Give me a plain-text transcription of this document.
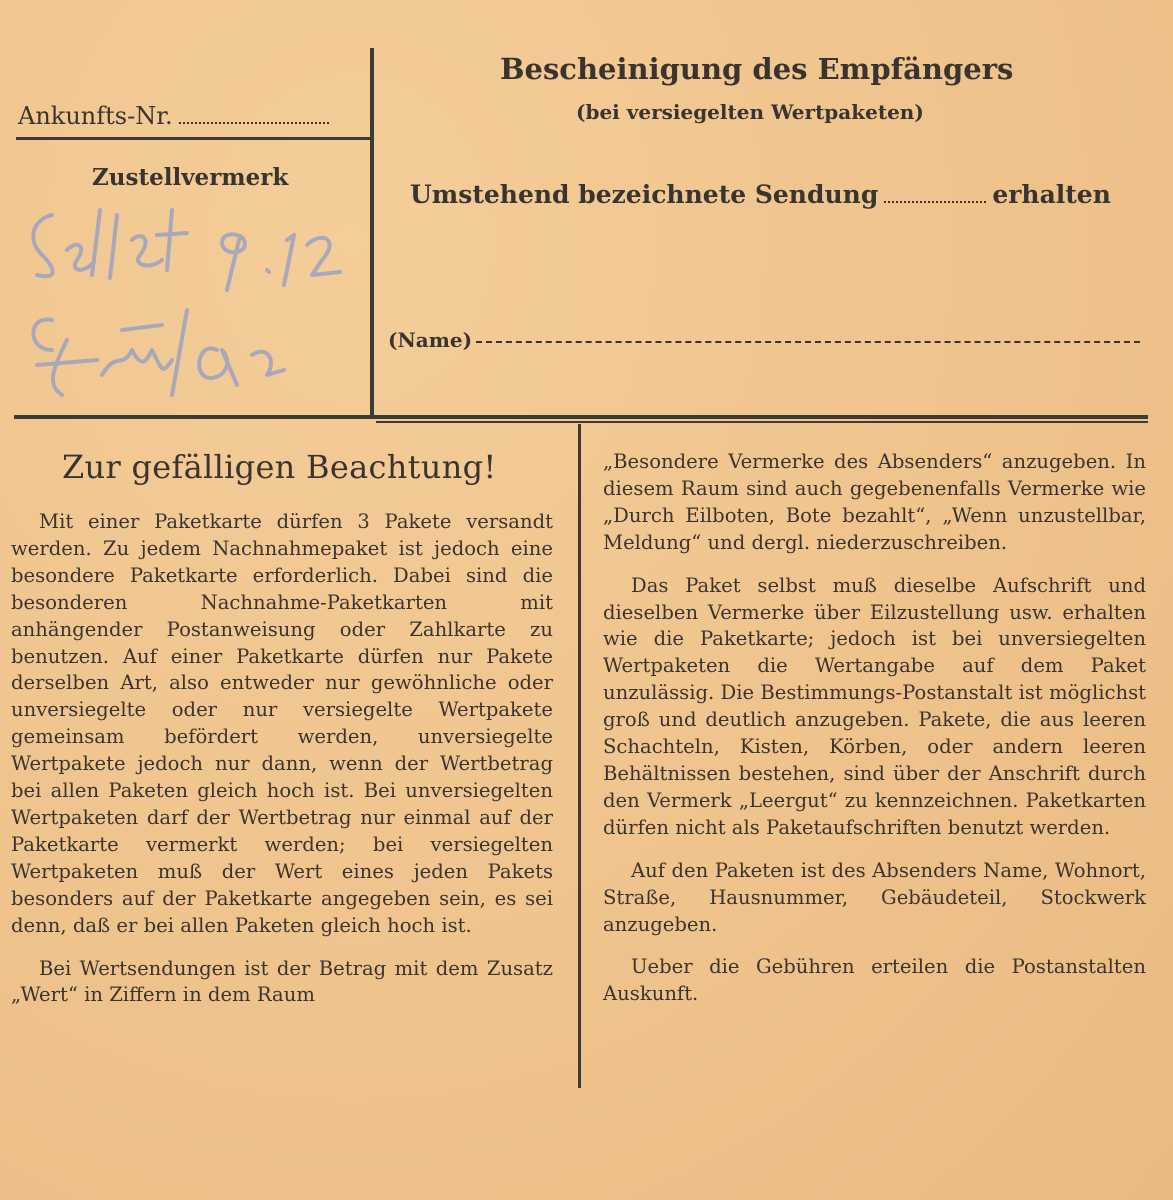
Ankunfts-Nr.
Zustellvermerk
Bescheinigung des Empfängers
(bei versiegelten Wertpaketen)
Umstehend bezeichnete Sendung	erhalten
(Name)
Zur gefälligen Beachtung!

Mit einer Paketkarte dürfen 3 Pakete versandt werden. Zu jedem Nachnahmepaket ist jedoch eine besondere Paketkarte erforderlich. Dabei sind die besonderen Nachnahme-Paketkarten mit anhängender Postanweisung oder Zahlkarte zu benutzen. Auf einer Paketkarte dürfen nur Pakete derselben Art, also entweder nur gewöhnliche oder unversiegelte oder nur versiegelte Wertpakete gemeinsam befördert werden, unversiegelte Wertpakete jedoch nur dann, wenn der Wertbetrag bei allen Paketen gleich hoch ist. Bei unversiegelten Wertpaketen darf der Wertbetrag nur einmal auf der Paketkarte vermerkt werden; bei versiegelten Wertpaketen muß der Wert eines jeden Pakets besonders auf der Paketkarte angegeben sein, es sei denn, daß er bei allen Paketen gleich hoch ist.

Bei Wertsendungen ist der Betrag mit dem Zusatz „Wert“ in Ziffern in dem Raum

„Besondere Vermerke des Absenders“ anzugeben. In diesem Raum sind auch gegebenenfalls Vermerke wie „Durch Eilboten, Bote bezahlt“, „Wenn unzustellbar, Meldung“ und dergl. niederzuschreiben.

Das Paket selbst muß dieselbe Aufschrift und dieselben Vermerke über Eilzustellung usw. erhalten wie die Paketkarte; jedoch ist bei unversiegelten Wertpaketen die Wertangabe auf dem Paket unzulässig. Die Bestimmungs-Postanstalt ist möglichst groß und deutlich anzugeben. Pakete, die aus leeren Schachteln, Kisten, Körben, oder andern leeren Behältnissen bestehen, sind über der Anschrift durch den Vermerk „Leergut“ zu kennzeichnen. Paketkarten dürfen nicht als Paketaufschriften benutzt werden.

Auf den Paketen ist des Absenders Name, Wohnort, Straße, Hausnummer, Gebäudeteil, Stockwerk anzugeben.

Ueber die Gebühren erteilen die Postanstalten Auskunft.
